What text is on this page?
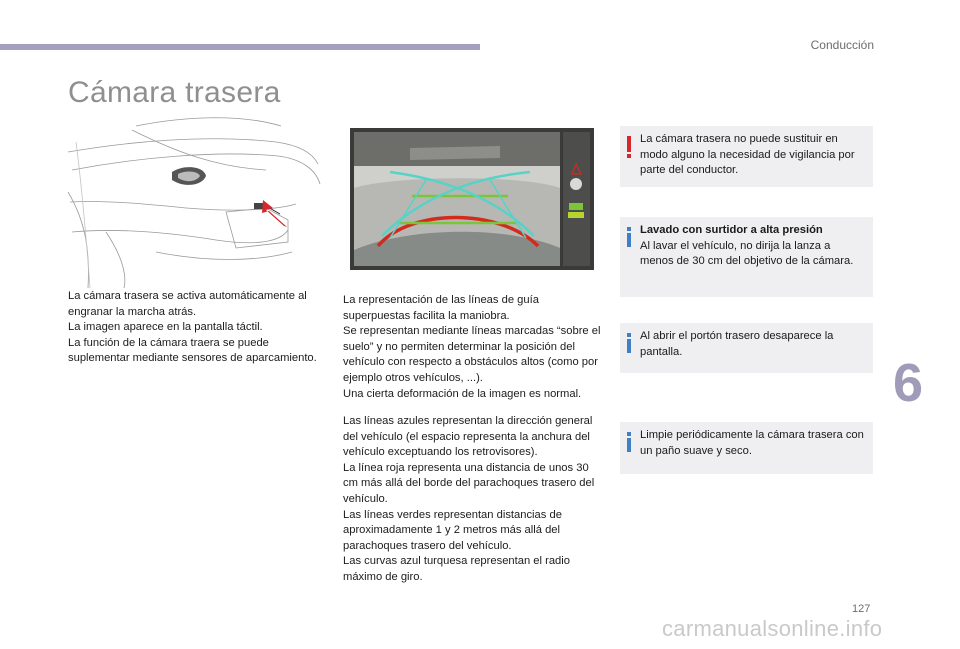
Conducción
Cámara trasera
La cámara trasera se activa automáticamente al engranar la marcha atrás.
La imagen aparece en la pantalla táctil.
La función de la cámara traera se puede suplementar mediante sensores de aparcamiento.
La representación de las líneas de guía superpuestas facilita la maniobra.
Se representan mediante líneas marcadas “sobre el suelo” y no permiten determinar la posición del vehículo con respecto a obstáculos altos (como por ejemplo otros vehículos, ...).
Una cierta deformación de la imagen es normal.
Las líneas azules representan la dirección general del vehículo (el espacio representa la anchura del vehículo exceptuando los retrovisores).
La línea roja representa una distancia de unos 30 cm más allá del borde del parachoques trasero del vehículo.
Las líneas verdes representan distancias de aproximadamente 1 y 2 metros más allá del parachoques trasero del vehículo.
Las curvas azul turquesa representan el radio máximo de giro.
La cámara trasera no puede sustituir en modo alguno la necesidad de vigilancia por parte del conductor.
Lavado con surtidor a alta presión
Al lavar el vehículo, no dirija la lanza a menos de 30 cm del objetivo de la cámara.
Al abrir el portón trasero desaparece la pantalla.
Limpie periódicamente la cámara trasera con un paño suave y seco.
6
127
carmanualsonline.info
